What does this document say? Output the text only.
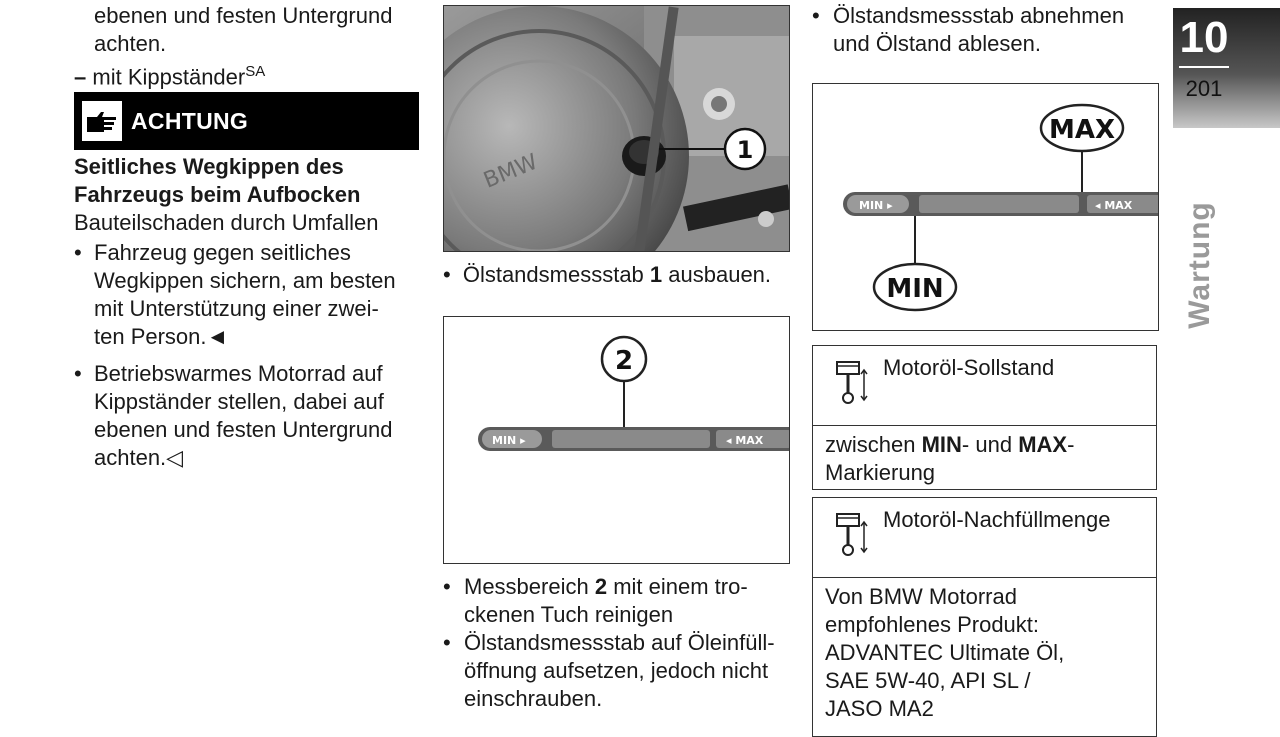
ebenen und festen Untergrund
achten.
– mit Kippständer$^{SA}$
ACHTUNG
Seitliches Wegkippen des
Fahrzeugs beim Aufbocken
Bauteilschaden durch Umfallen
• Fahrzeug gegen seitliches
Wegkippen sichern, am besten
mit Unterstützung einer zwei-
ten Person.◄
• Betriebswarmes Motorrad auf
Kippständer stellen, dabei auf
ebenen und festen Untergrund
achten.◁
BMW	1
• Ölstandsmessstab 1 ausbauen.
2
MIN ▸	◂ MAX
• Messbereich 2 mit einem tro-
ckenen Tuch reinigen
• Ölstandsmessstab auf Öleinfüll-
öffnung aufsetzen, jedoch nicht
einschrauben.
• Ölstandsmessstab abnehmen
und Ölstand ablesen.
MAX
MIN ▸	◂ MAX
MIN
Motoröl-Sollstand
zwischen MIN- und MAX-
Markierung
Motoröl-Nachfüllmenge
Von BMW Motorrad
empfohlenes Produkt:
ADVANTEC Ultimate Öl,
SAE 5W-40, API SL /
JASO MA2
10
201
Wartung
